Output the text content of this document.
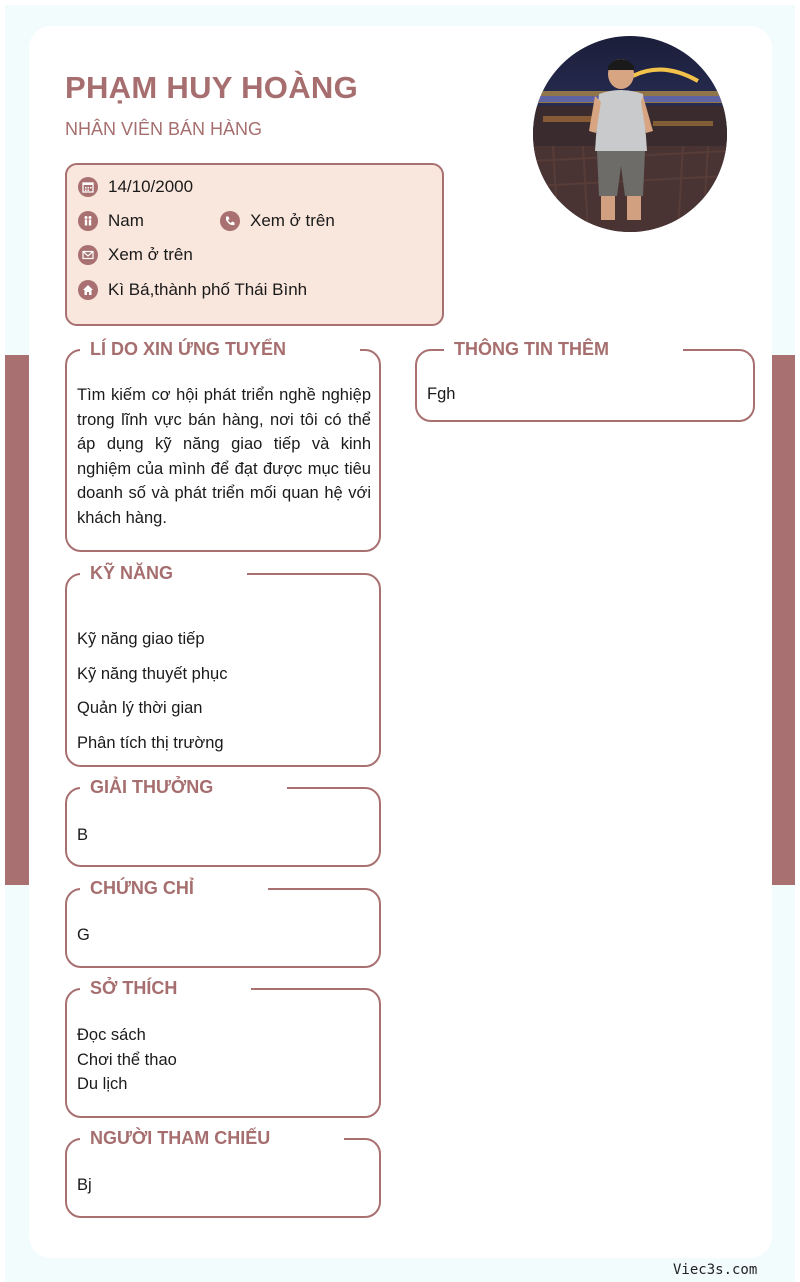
PHẠM HUY HOÀNG
NHÂN VIÊN BÁN HÀNG
14/10/2000
Nam	Xem ở trên
Xem ở trên
Kì Bá,thành phố Thái Bình
LÍ DO XIN ỨNG TUYỂN
Tìm kiếm cơ hội phát triển nghề nghiệp trong lĩnh vực bán hàng, nơi tôi có thể áp dụng kỹ năng giao tiếp và kinh nghiệm của mình để đạt được mục tiêu doanh số và phát triển mối quan hệ với khách hàng.
KỸ NĂNG
Kỹ năng giao tiếp
Kỹ năng thuyết phục
Quản lý thời gian
Phân tích thị trường
GIẢI THƯỞNG
B
CHỨNG CHỈ
G
SỞ THÍCH
Đọc sách
Chơi thể thao
Du lịch
NGƯỜI THAM CHIẾU
Bj
THÔNG TIN THÊM
Fgh
Viec3s.com
